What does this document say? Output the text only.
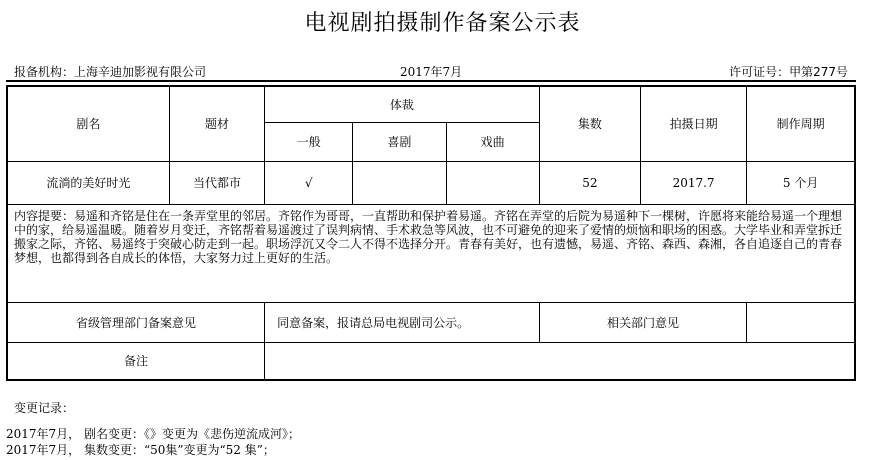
电视剧拍摄制作备案公示表
报备机构：上海辛迪加影视有限公司	2017年7月	许可证号：甲第277号
剧名	题材	体裁			集数	拍摄日期	制作周期
		一般	喜剧	戏曲			
流淌的美好时光	当代都市	√			52	2017.7	5 个月
内容提要：易遥和齐铭是住在一条弄堂里的邻居。齐铭作为哥哥，一直帮助和保护着易遥。齐铭在弄堂的后院为易遥种下一棵树，许愿将来能给易遥一个理想中的家，给易遥温暖。随着岁月变迁，齐铭帮着易遥渡过了误判病情、手术救急等风波，也不可避免的迎来了爱情的烦恼和职场的困惑。大学毕业和弄堂拆迁搬家之际，齐铭、易遥终于突破心防走到一起。职场浮沉又令二人不得不选择分开。青春有美好，也有遗憾，易遥、齐铭、森西、森湘，各自追逐自己的青春梦想，也都得到各自成长的体悟，大家努力过上更好的生活。							
省级管理部门备案意见		同意备案，报请总局电视剧司公示。			相关部门意见		
备注							
变更记录：
2017年7月， 剧名变更：《》变更为《悲伤逆流成河》；
2017年7月， 集数变更：“50集”变更为“52 集”；
